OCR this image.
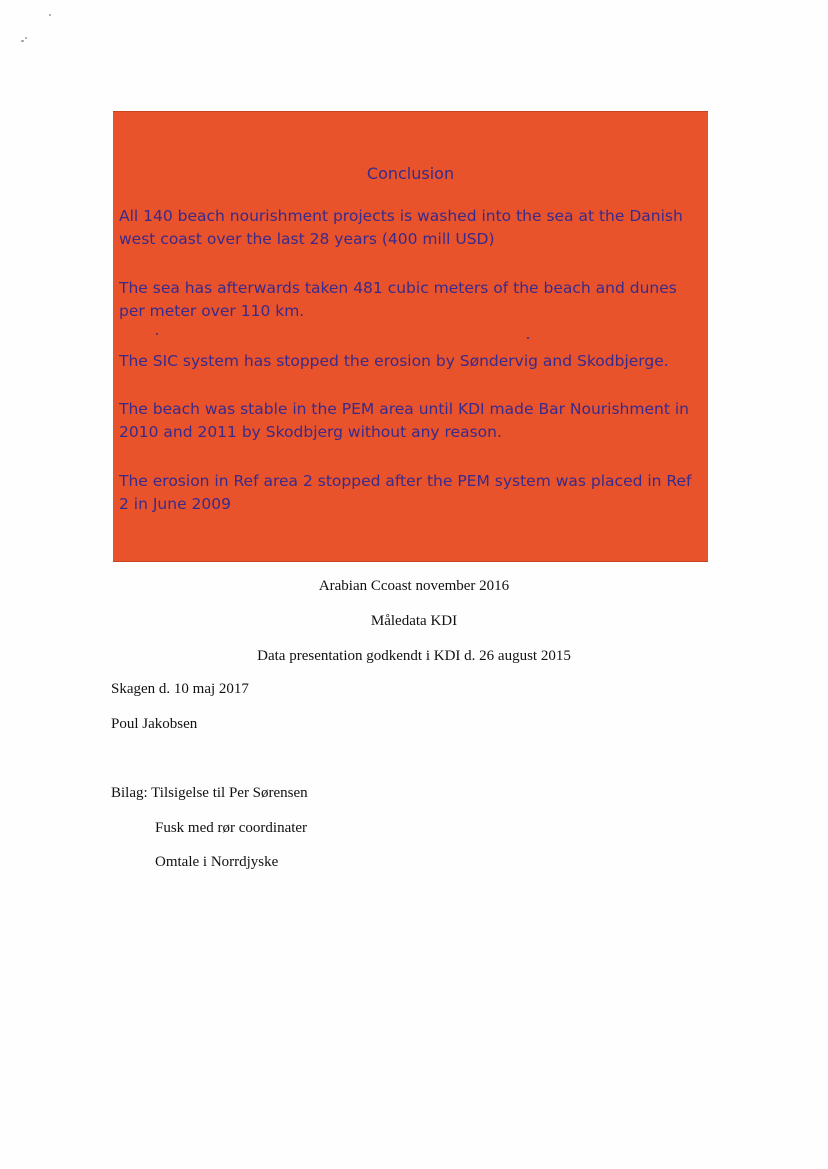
Conclusion

All 140 beach nourishment projects is washed into the sea at the Danish west coast over the last 28 years (400 mill USD)

The sea has afterwards taken 481 cubic meters of the beach and dunes per meter over 110 km.

The SIC system has stopped the erosion by Søndervig and Skodbjerge.

The beach was stable in the PEM area until KDI made Bar Nourishment in 2010 and 2011 by Skodbjerg without any reason.

The erosion in Ref area 2 stopped after the PEM system was placed in Ref 2 in June 2009

Arabian Ccoast november 2016
Måledata KDI
Data presentation godkendt i KDI d. 26 august 2015
Skagen d. 10 maj 2017
Poul Jakobsen
Bilag: Tilsigelse til Per Sørensen
Fusk med rør coordinater
Omtale i Norrdjyske
